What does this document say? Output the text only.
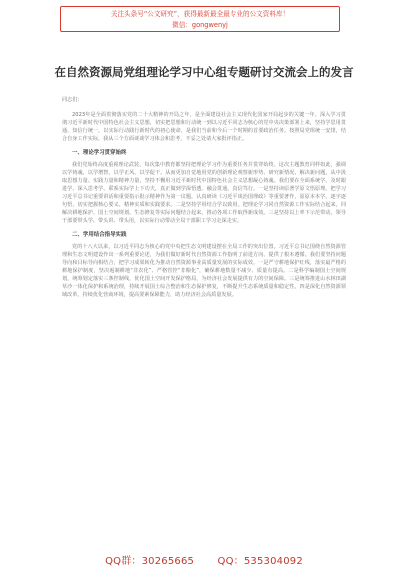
关注头条号“公文研究”，获得最新最全最专业的公文资料库！
微信：gongwenyj
在自然资源局党组理论学习中心组专题研讨交流会上的发言

同志们：

2023年是全面贯彻落实党的二十大精神的开局之年，是全面建设社会主义现代化国家开局起步的关键一年。深入学习贯彻习近平新时代中国特色社会主义思想，切实把思想和行动统一到以习近平同志为核心的党中央决策部署上来，坚持学思用贯通、知信行统一，以实际行动践行新时代的初心使命，是我们当前和今后一个时期的首要政治任务。按照局党组统一安排，结合自身工作实际，我从三个方面谈谈学习体会和思考，不妥之处请大家批评指正。

一、理论学习贯穿始终

我们党始终高度重视理论武装，每次集中教育都坚持把理论学习作为重要任务并贯穿始终。这次主题教育同样如此，强调以学铸魂、以学增智、以学正风、以学促干。从而更加自觉地用党的创新理论观察新形势、研究新情况、解决新问题。从中汲取思想力量、实践力量和精神力量，坚持不懈用习近平新时代中国特色社会主义思想凝心铸魂。我们要在全面系统学、及时跟进学、深入思考学、联系实际学上下功夫，真正做到学深悟透、融会贯通、真信笃行。一是坚持读原著学原文悟原理。把学习习近平总书记重要讲话和重要指示批示精神作为第一议题，认真研读《习近平谈治国理政》等重要著作，原原本本学、逐字逐句悟，切实把握核心要义、精神实质和实践要求。二是坚持学用结合学以致用。把理论学习同自然资源工作实际结合起来，同解决耕地保护、国土空间规划、生态修复等实际问题结合起来，推动各项工作取得新成效。三是坚持以上率下示范带动。领导干部要带头学、带头讲、带头用，以实际行动带动全局干部职工学习走深走实。

二、学用结合指导实践

党的十八大以来，以习近平同志为核心的党中央把生态文明建设摆在全局工作的突出位置。习近平总书记围绕自然资源管理和生态文明建设作出一系列重要论述，为我们做好新时代自然资源工作指明了前进方向、提供了根本遵循。我们要坚持问题导向和目标导向相结合，把学习成果转化为推动自然资源事业高质量发展的实际成效。一是严守耕地保护红线，落实最严格的耕地保护制度，坚决遏制耕地“非农化”、严格管控“非粮化”，确保耕地数量不减少、质量有提高。二是科学编制国土空间规划，统筹划定落实三条控制线，优化国土空间开发保护格局，为经济社会发展提供有力的空间保障。三是统筹推进山水林田湖草沙一体化保护和系统治理，持续开展国土综合整治和生态保护修复，不断提升生态系统质量和稳定性。四是深化自然资源领域改革，持续优化营商环境，提高要素保障能力，助力经济社会高质量发展。

QQ群：30265665 QQ：535304092
